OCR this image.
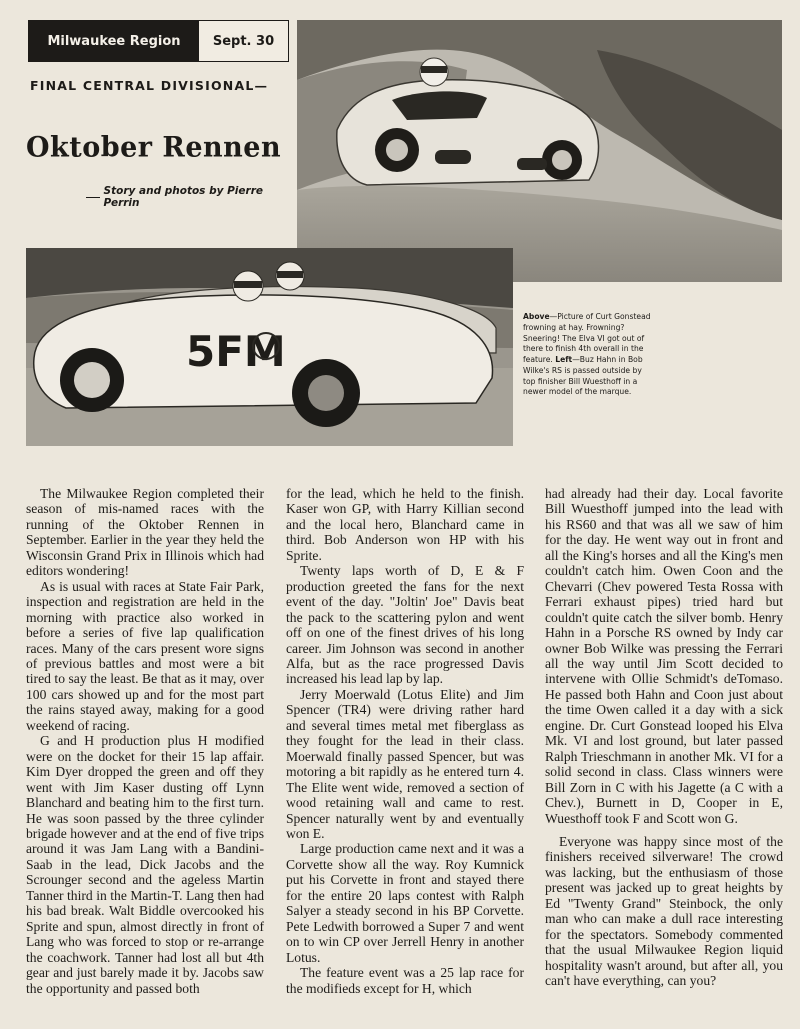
Milwaukee Region	Sept. 30
FINAL CENTRAL DIVISIONAL—
Oktober Rennen
Story and photos by Pierre Perrin
5FM
Above—Picture of Curt Gonstead frowning at hay. Frowning? Sneering! The Elva VI got out of there to finish 4th overall in the feature. Left—Buz Hahn in Bob Wilke's RS is passed outside by top finisher Bill Wuesthoff in a newer model of the marque.

The Milwaukee Region completed their season of mis-named races with the running of the Oktober Rennen in September. Earlier in the year they held the Wisconsin Grand Prix in Illinois which had editors wondering!

As is usual with races at State Fair Park, inspection and registration are held in the morning with practice also worked in before a series of five lap qualification races. Many of the cars present wore signs of previous battles and most were a bit tired to say the least. Be that as it may, over 100 cars showed up and for the most part the rains stayed away, making for a good weekend of racing.

G and H production plus H modified were on the docket for their 15 lap affair. Kim Dyer dropped the green and off they went with Jim Kaser dusting off Lynn Blanchard and beating him to the first turn. He was soon passed by the three cylinder brigade however and at the end of five trips around it was Jam Lang with a Bandini-Saab in the lead, Dick Jacobs and the Scrounger second and the ageless Martin Tanner third in the Martin-T. Lang then had his bad break. Walt Biddle overcooked his Sprite and spun, almost directly in front of Lang who was forced to stop or re-arrange the coachwork. Tanner had lost all but 4th gear and just barely made it by. Jacobs saw the opportunity and passed both

for the lead, which he held to the finish. Kaser won GP, with Harry Killian second and the local hero, Blanchard came in third. Bob Anderson won HP with his Sprite.

Twenty laps worth of D, E & F production greeted the fans for the next event of the day. "Joltin' Joe" Davis beat the pack to the scattering pylon and went off on one of the finest drives of his long career. Jim Johnson was second in another Alfa, but as the race progressed Davis increased his lead lap by lap.

Jerry Moerwald (Lotus Elite) and Jim Spencer (TR4) were driving rather hard and several times metal met fiberglass as they fought for the lead in their class. Moerwald finally passed Spencer, but was motoring a bit rapidly as he entered turn 4. The Elite went wide, removed a section of wood retaining wall and came to rest. Spencer naturally went by and eventually won E.

Large production came next and it was a Corvette show all the way. Roy Kumnick put his Corvette in front and stayed there for the entire 20 laps contest with Ralph Salyer a steady second in his BP Corvette. Pete Ledwith borrowed a Super 7 and went on to win CP over Jerrell Henry in another Lotus.

The feature event was a 25 lap race for the modifieds except for H, which

had already had their day. Local favorite Bill Wuesthoff jumped into the lead with his RS60 and that was all we saw of him for the day. He went way out in front and all the King's horses and all the King's men couldn't catch him. Owen Coon and the Chevarri (Chev powered Testa Rossa with Ferrari exhaust pipes) tried hard but couldn't quite catch the silver bomb. Henry Hahn in a Porsche RS owned by Indy car owner Bob Wilke was pressing the Ferrari all the way until Jim Scott decided to intervene with Ollie Schmidt's deTomaso. He passed both Hahn and Coon just about the time Owen called it a day with a sick engine. Dr. Curt Gonstead looped his Elva Mk. VI and lost ground, but later passed Ralph Trieschmann in another Mk. VI for a solid second in class. Class winners were Bill Zorn in C with his Jagette (a C with a Chev.), Burnett in D, Cooper in E, Wuesthoff took F and Scott won G.

Everyone was happy since most of the finishers received silverware! The crowd was lacking, but the enthusiasm of those present was jacked up to great heights by Ed "Twenty Grand" Steinbock, the only man who can make a dull race interesting for the spectators. Somebody commented that the usual Milwaukee Region liquid hospitality wasn't around, but after all, you can't have everything, can you?
